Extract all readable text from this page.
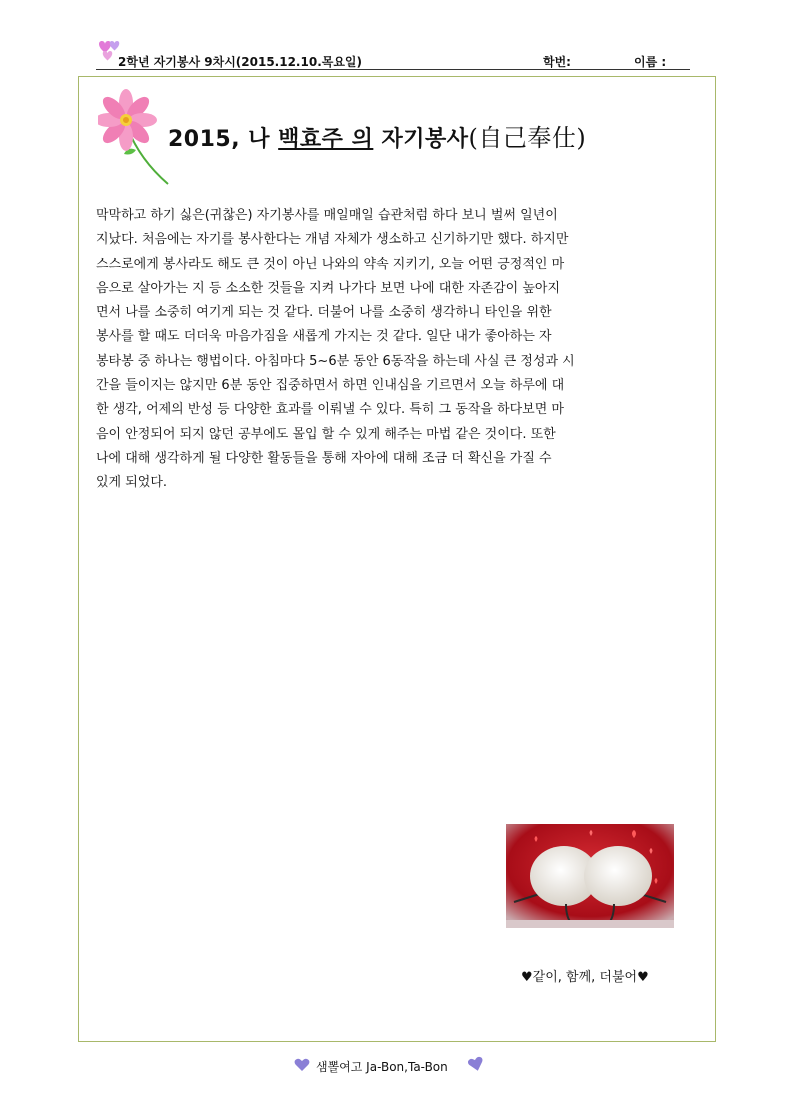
2학년 자기봉사 9차시(2015.12.10.목요일)	학번:	이름 :
2015, 나 백효주 의 자기봉사(自己奉仕)
막막하고 하기 싫은(귀찮은) 자기봉사를 매일매일 습관처럼 하다 보니 벌써 일년이
지났다. 처음에는 자기를 봉사한다는 개념 자체가 생소하고 신기하기만 했다. 하지만
스스로에게 봉사라도 해도 큰 것이 아닌 나와의 약속 지키기, 오늘 어떤 긍정적인 마
음으로 살아가는 지 등 소소한 것들을 지켜 나가다 보면 나에 대한 자존감이 높아지
면서 나를 소중히 여기게 되는 것 같다. 더불어 나를 소중히 생각하니 타인을 위한
봉사를 할 때도 더더욱 마음가짐을 새롭게 가지는 것 같다. 일단 내가 좋아하는 자
봉타봉 중 하나는 행법이다. 아침마다 5~6분 동안 6동작을 하는데 사실 큰 정성과 시
간을 들이지는 않지만 6분 동안 집중하면서 하면 인내심을 기르면서 오늘 하루에 대
한 생각, 어제의 반성 등 다양한 효과를 이뤄낼 수 있다. 특히 그 동작을 하다보면 마
음이 안정되어 되지 않던 공부에도 몰입 할 수 있게 해주는 마법 같은 것이다. 또한
나에 대해 생각하게 될 다양한 활동들을 통해 자아에 대해 조금 더 확신을 가질 수
있게 되었다.
♥같이, 함께, 더불어♥
샘뽈여고 Ja-Bon,Ta-Bon
